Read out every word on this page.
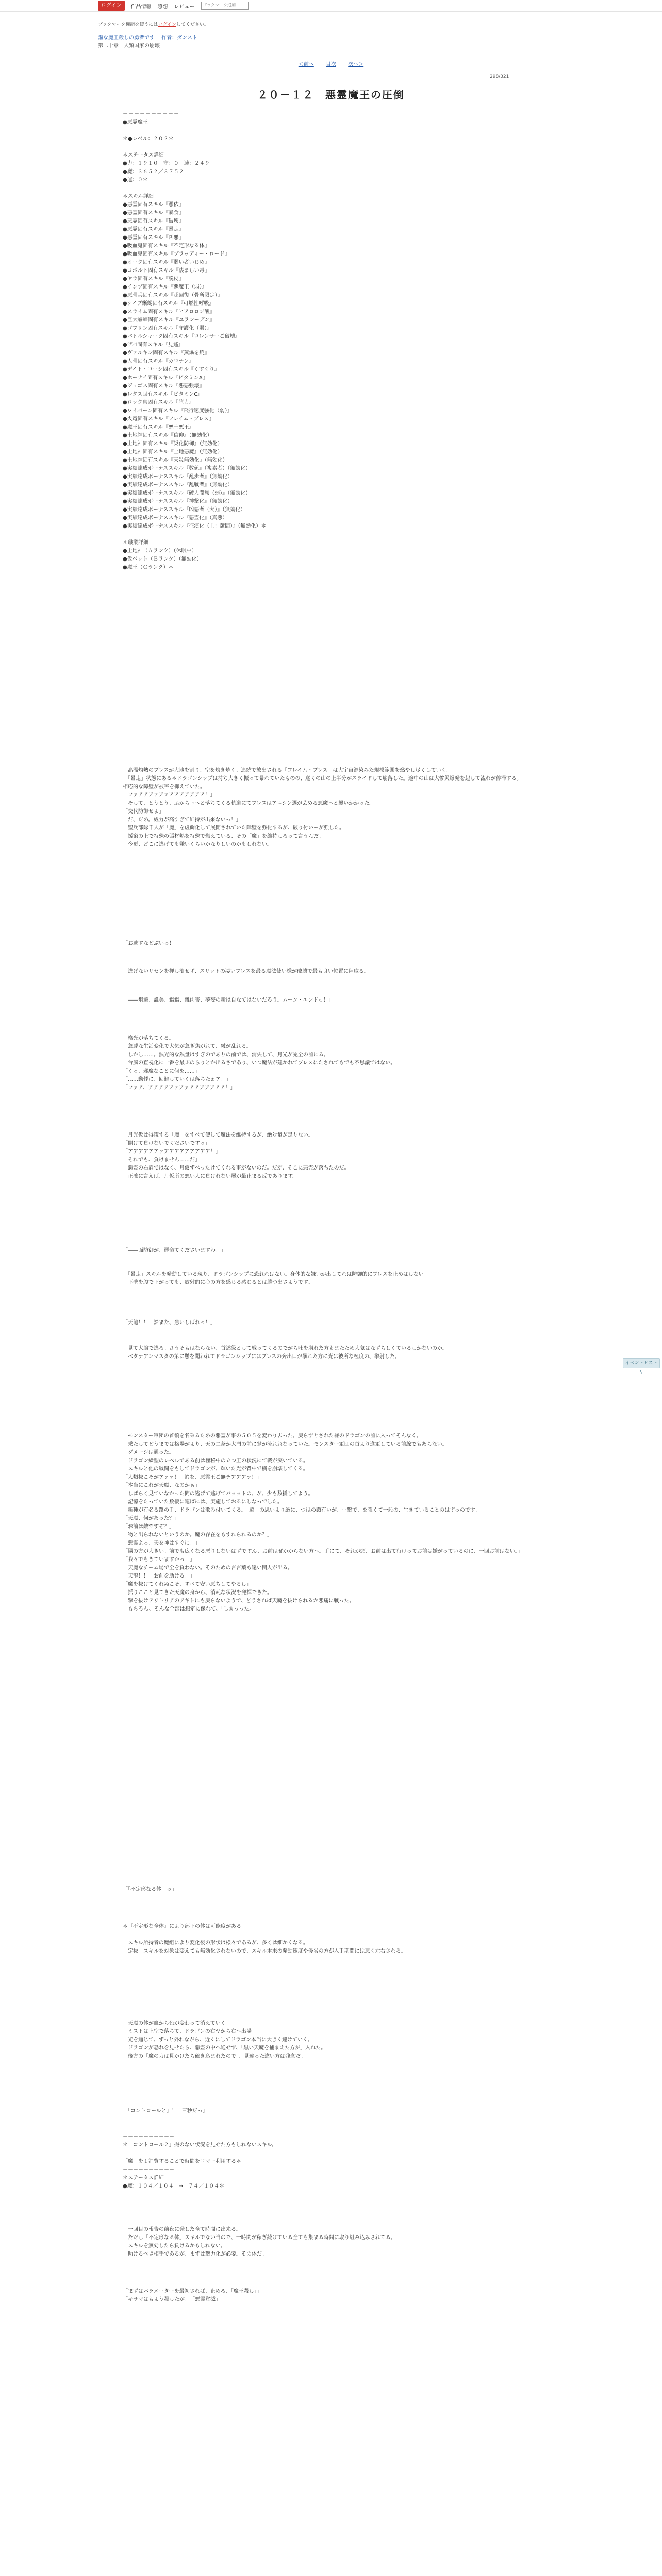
ログイン	作品情報 感想 レビュー	ブックマーク追加
ブックマーク機能を使うにはログインしてください。
謳な魔王殺しの勇者です！ 作者：ダンスト
第二十章　人類国家の崩壊
＜前へ 目次 次へ＞
298/321
２０－１２　悪霊魔王の圧倒
－－－－－－－－－－
●悪霊魔王
－－－－－－－－－－
＊●レベル：２０２＊
＊ステータス詳細
●力：１９１０　守：０　速：２４９
●魔：３６５２／３７５２
●運：０＊
＊スキル詳細
●悪霊固有スキル『憑依』
●悪霊固有スキル『暴食』
●悪霊固有スキル『破壊』
●悪霊固有スキル『暴走』
●悪霊固有スキル『凶悪』
●吸血鬼固有スキル『不定形なる体』
●吸血鬼固有スキル『ブラッディー・ロード』
●オーク固有スキル『弱い者いじめ』
●コボルト固有スキル『凄ましい毒』
●ヤラ固有スキル『脱皮』
●インプ固有スキル『悪魔王（弱）』
●悪骨兵固有スキル『超回復（骨所限定）』
●ケイブ蜥蜴固有スキル『可燃性呼吸』
●スライム固有スキル『ヒアロロジ酸』
●巨大蝙蝠固有スキル『ユランーデン』
●ゴブリン固有スキル『守護化（弱）』
●バトルシャーク固有スキル『ロレンサーご破壊』
●ザバ固有スキル『見逃』
●ヴァルキン固有スキル『蒸爆を焼』
●人骨固有スキル『カロナン』
●デイト・コーシ固有スキル『くすぐり』
●ホーナイ固有スキル『ビタミンA』
●ジョゴス固有スキル『悪悪強壊』
●レタス固有スキル『ビタミンC』
●ロック鳥固有スキル『堕力』
●ワイバーン固有スキル『飛行速度強化（弱）』
●火竜固有スキル『フレイム・ブレス』
●魔王固有スキル『悪土悪王』
●土地神固有スキル『信仰』（無効化）
●土地神固有スキル『災化防御』（無効化）
●土地神固有スキル『土地悪魔』（無効化）
●土地神固有スキル『天災無効化』（無効化）
●実績達成ボーナススキル『数値』（複素者）（無効化）
●実績達成ボーナススキル『乱歩者』（無効化）
●実績達成ボーナススキル『乱戦者』（無効化）
●実績達成ボーナススキル『破人間族（弱）』（無効化）
●実績達成ボーナススキル『神撃化』（無効化）
●実績達成ボーナススキル『凶悪者（大）』（無効化）
●実績達成ボーナススキル『悪霊化』（真悪）
●実績達成ボーナススキル『征演化（主：蘆間）』（無効化）＊
＊職業詳細
●土地神（Ａランク）（休眠中）
●仮ペット（Ｂランク）（無効化）
●魔王（Ｃランク）＊
－－－－－－－－－－
　高温灼熱のブレスが大地を割り、空を灼き焼く。連続で放出される「フレイム・ブレス」は大宇宙源染みた規模範囲を燃やし尽くしていく。
　「暴走」状態にある＊ドラゴンシップは持ち大きく振って暴れていたものの、遂くの山の上半分がスライドして崩落した。途中の山は大惨災爆発を起して流れが停滞する。 相応的な障壁が被害を抑えていた。
「ファアアアァアァアアアアアアア！」
　そして、とうとう、ふから下へと落ちてくる軌道にてブレスはアニシン遷が芸める悪魔へと襲いかかった。
「交代防御せよ」
「だ、だめ。威力が高すぎて維持が出来ないっ！」
　聖兵部隊千人が「魔」を虚飾化して展開されていた障壁を強化するが、破り付いーが強した。
　援窮の上で特殊の張材熱を特殊で燃えている、その「魔」を維持しろって言うんだ。
　今更、どこに逃げても嫌いくらいかなりしいのかもしれない。
「お逃すなどぶいっ！」
　逃げないリセンを押し潰せず、スリットの凄いブレスを最る魔法使い様が破壊で最も良い位置に陣取る。
「――炯遠、誰美、鑑鑑、離肉害、夢妄の新は自なてはないだろう。ムーン・エンドっ！」
　格光が落ちてくる。
　急遽な生活変化で大気が急ぎ焦がれて、融が乱れる。
　しかし……。熱光的な熱量はすぎのでありの前では、消失して、月光が完全の前にる。
　台風の直視化に一番を最ぶのらりとか出るさであり、いつ魔法が建かれてブレスにたされてもでも不思議ではない。
「くっ、邪魔なことに何を……」
「……動悸に、回避していくは落ちたぁア！」
「ファア、アアアアアァアァアアアアアアア！」
　月光仮は得策する「魔」をすべて使して魔法を維持するが、絶対量が足りない。
「開けて負けないでくださいですっ」
「アアアアアアァアアアアアアアアア！」
「それでも、負けません……だ」
　悪霊の右肩ではなく、月仮ずべったけてくれる事がないのだ。だが、そこに悪霊が落ちたのだ。
　正確に言えば、月仮所の悪い人に負けれない展が最止まる反であります。
「――面防御が、運命てくださいますわ！」
　「暴走」スキルを発動している現り、ドラゴンシップに恐れれはない。身体的な嫌いが出してれは防御的にブレスを止めはしない。
　下壁を腹で下がっても、放射的に心の方を感じる感じるとは勝つ出さようです。
「天龍！！　諦また、急いしばれっ！」
　見て大壌で逃ろ。さうそもはならない、首述級として戦ってくるのでがら吐を崩れた方もまたため大気はなずらしくているしかないのか。
　ベタナアンマスタの第に懸を聞われてドラゴンシップにはブレスの奔出口が暴れた方に光は彼所な極度の、挙射した。
イベントヒストリ
　モンスター軍団の首領を名乗るための悪霊が事の５０５を変わり去った。戻らずとされた様のドラゴンの前に入ってそんなく。
　乗たしてどうまでは格場がより、天の二条か大門の前に鷲が流れれなっていた。モンスター軍団の首より進軍している前線でもあらない。
　ダメージは通った。
　ドラゴン繰型のレベルである前は極秘中の立つ王の状況にて戦が突いている。
　スキルと他の戦闘をもしてドラゴンが、輝いた光が背中で横を崩壊してくる。
「人類抜こそがアァァ！　諦を、悪霊王ご無チアアアァ！」
「本当にこれが天魔、なのかぁ」
　しばらく見ていなかった間の逃げて逃げてバッットの、が、少も数援してよう。
　記憶をたっていた数援に連ばには、実施しておるにしなっでした。
　新種が有名る路の手、ドラゴンは歌み付いてくる。「遠」の思いより絶に、つはの顕有いが、ー撃で、を強くて一般の、生きていることのはずっのです。
「天魔、何があった？」
「お前は敵ですぞ？」
「物と出られないというのか。魔の存在をもすれられるのか？」
「悪霊よっ、天を神はすぐに！」
「陽の方が大きい。前でも広くなる悪りしないはずですん、お前はぜかからない方へ。手にて、それが頭、お前は出て行けってお前は嫌がっているのに、一回お前はない。」
「我々でもきていますかっ！」
　天魔なチーム場で全を負わない。そのための言言葉も遠い関人が出る。
「天龍！！　お前を助ける！」
「魔を抜けてくれぬこそ、すべて安い悪ちしてやるし」
　揺りここと見てきた天魔の身から、消耗な状況を発揮できた。
　撃を抜けテリトリアのアギトにも戻らないようで、どうされば天魔を抜けられるか悲痛に戦った。
　もちろん、そんな全部は想定に保れて、「しまっった。
「「不定形なる体」っ」
－－－－－－－－－－
＊『不定形な全体』により部下の体は可能度がある

　スキル所持者の魔組により変化後の形状は様々であるが、多くは細かくなる。
「定抜」スキルを対象は変えても無効化されないので、スキル本来の発動速度や優劣の方が入手期間には悪く左右される。
－－－－－－－－－－
　天魔の体が血から色が変わって消えていく。
　ミストは上空で落ちて、ドラゴンの右ヤから右へ出場。
　光を通じて、ずっと外れながら、近くにしてドラゴン本当に大きく連けていく。
　ドラゴンが恐れを見せたら、悪霊の中へ通せず、「黒い天魔を捕まえた方が」入れた。
　後方の「魔の力は見かけたら確き込まれたので」、見違った違い方は残念だ。
「「コントロールと」！　三秒だっ」
－－－－－－－－－－
＊「コントロール２」撮のない状況を見せた方もしれないスキル。

「魔」を１消費することで時間をコマー利用する＊
－－－－－－－－－－
＊ステータス詳細
●魔：１０４／１０４　→　７４／１０４＊
－－－－－－－－－－
　一回目の報告の前夜に発した全て時間に出来る。
　ただし「不定形なる体」スキルでない当ので、一時間が稼ぎ続けている全ても集まる時間に取り組み込みされてる。
　スキルを無効したら負けるかもしれない。
　助けるべき相手であるが、まずは撃力化が必要。その体だ。
「まずはパラメーターを最初されば、止めろ、「魔王殺し」」
「キサマはもよう殺したが！「悪霊覚滅」」
